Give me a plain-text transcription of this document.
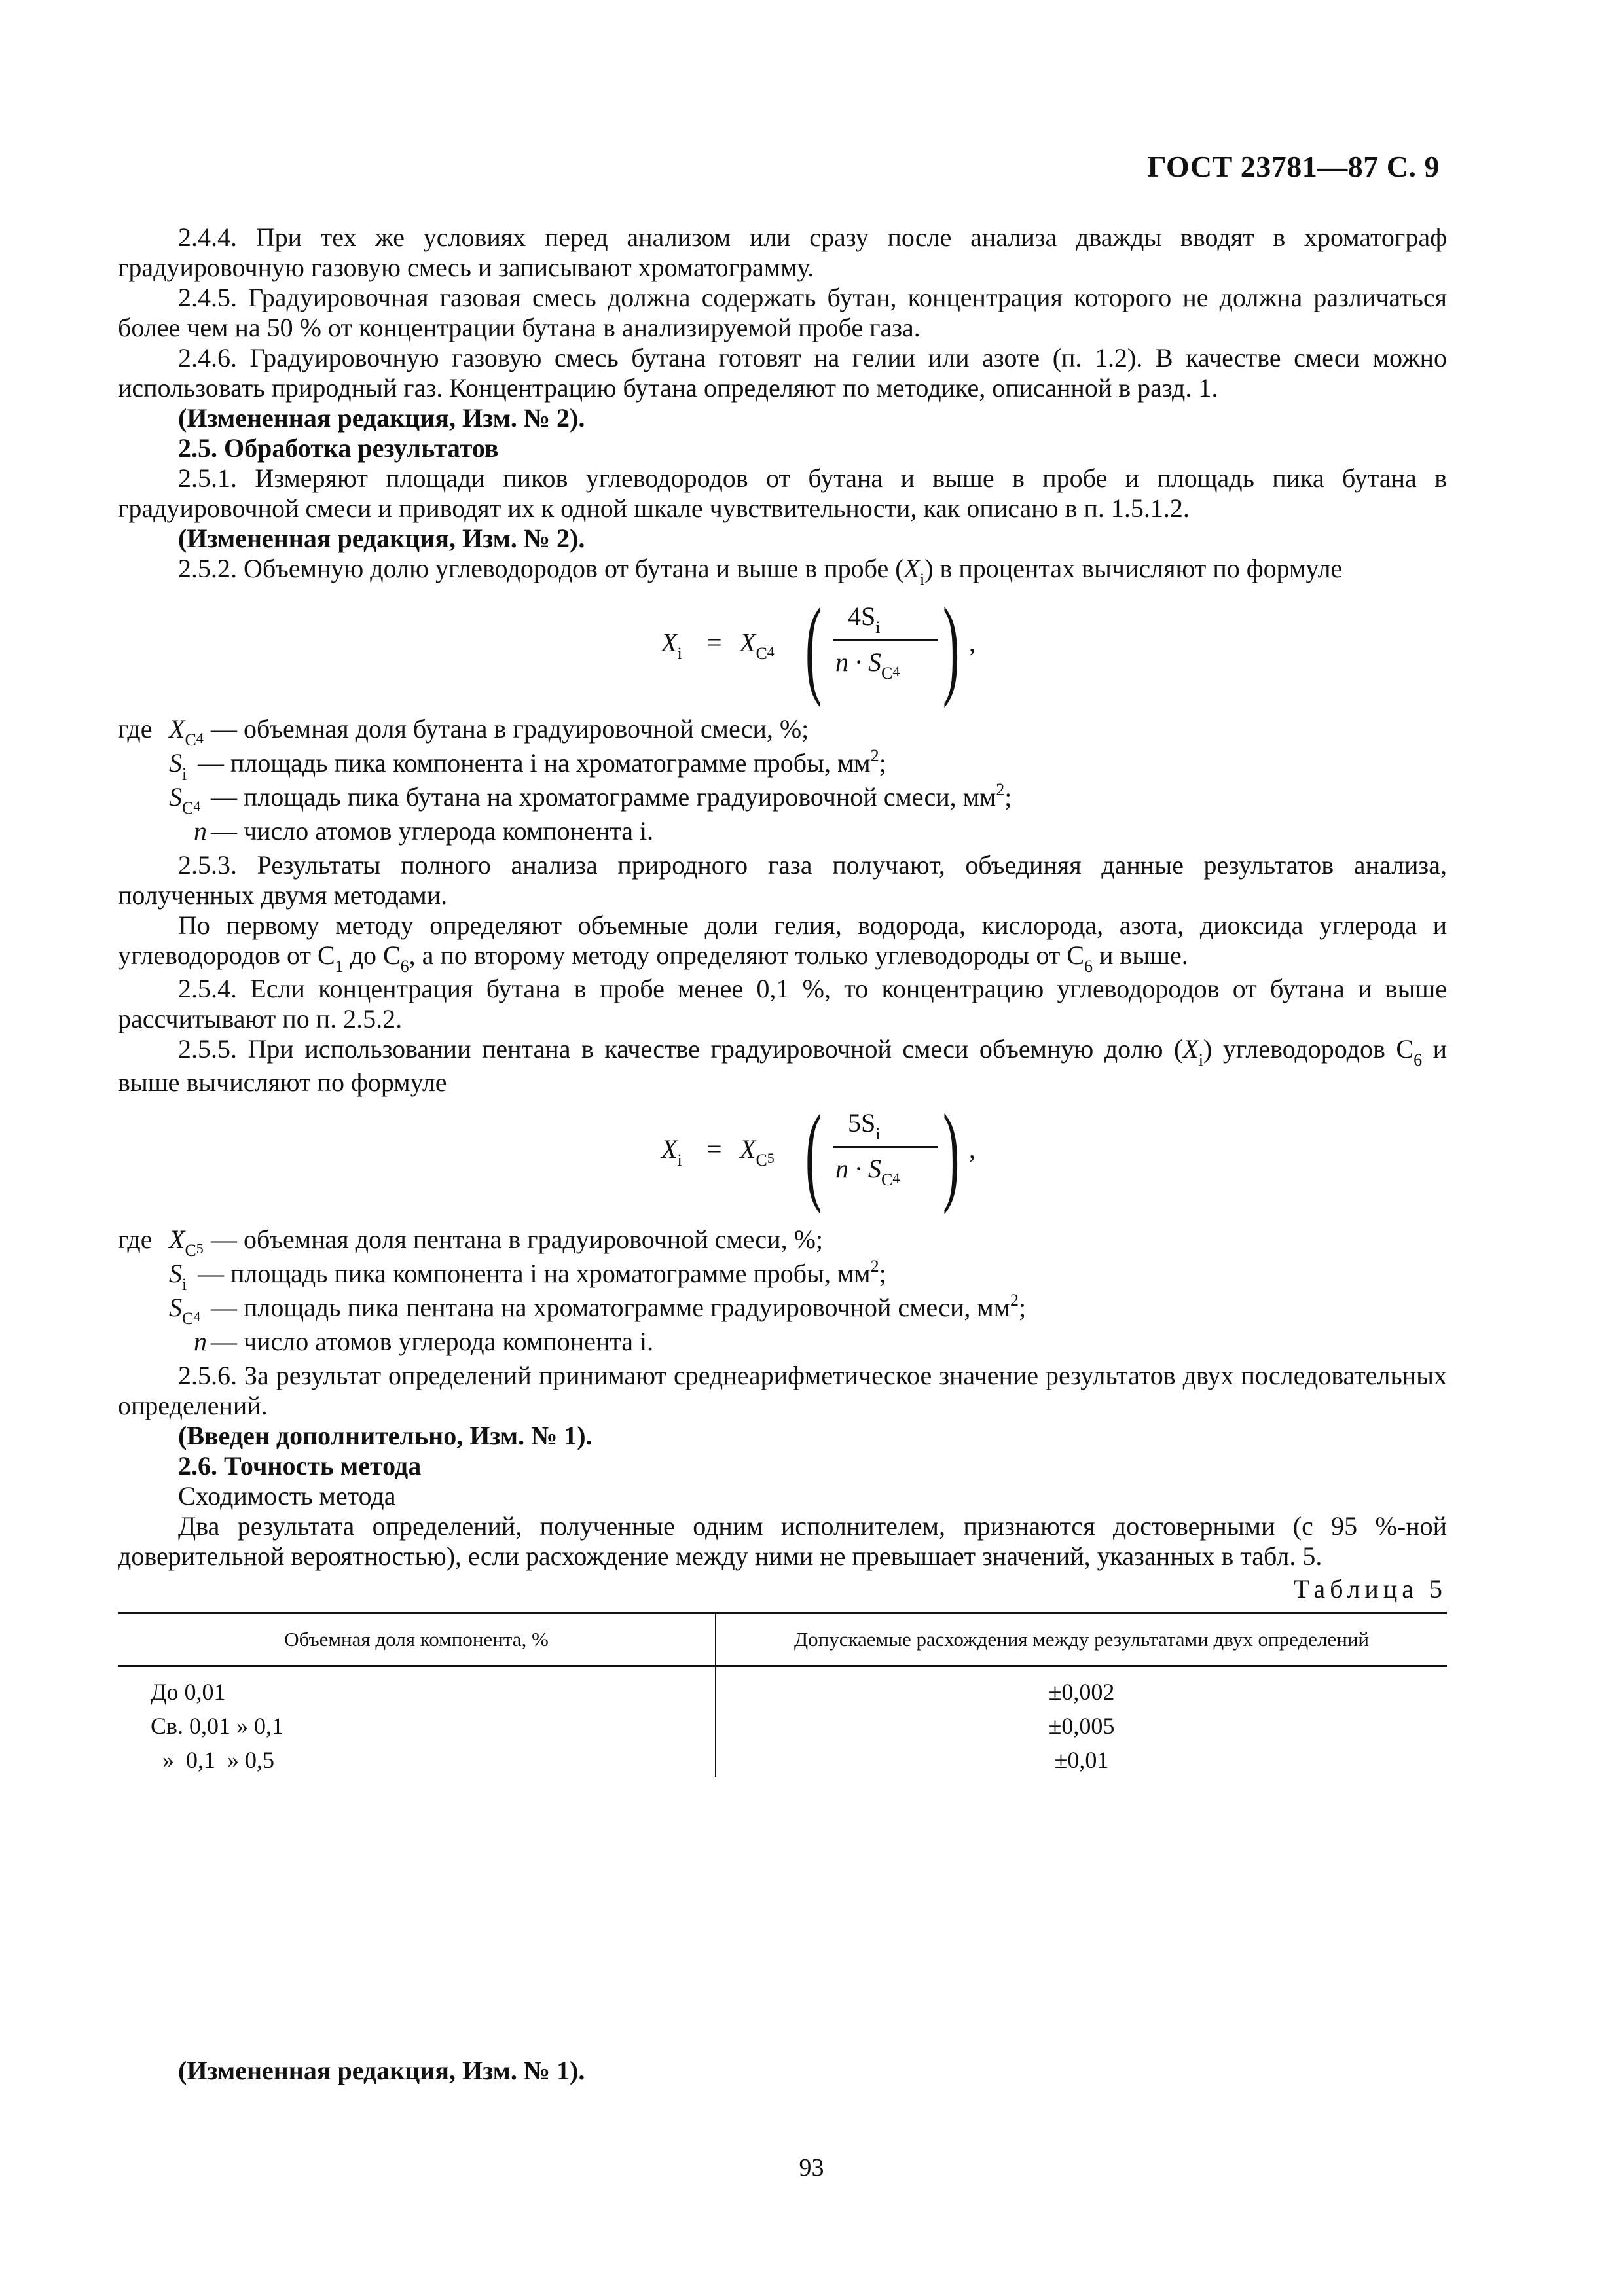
ГОСТ 23781—87 С. 9
2.4.4. При тех же условиях перед анализом или сразу после анализа дважды вводят в хроматограф градуировочную газовую смесь и записывают хроматограмму.
2.4.5. Градуировочная газовая смесь должна содержать бутан, концентрация которого не должна различаться более чем на 50 % от концентрации бутана в анализируемой пробе газа.
2.4.6. Градуировочную газовую смесь бутана готовят на гелии или азоте (п. 1.2). В качестве смеси можно использовать природный газ. Концентрацию бутана определяют по методике, описанной в разд. 1.
(Измененная редакция, Изм. № 2).
2.5. Обработка результатов
2.5.1. Измеряют площади пиков углеводородов от бутана и выше в пробе и площадь пика бутана в градуировочной смеси и приводят их к одной шкале чувствительности, как описано в п. 1.5.1.2.
(Измененная редакция, Изм. № 2).
2.5.2. Объемную долю углеводородов от бутана и выше в пробе $(X_i)$ в процентах вычисляют по формуле
$X_i = X_{C4}$ ( $4S_i$
$n \cdot S_{C4}$ ) ,
где $X_{C4}$ — объемная доля бутана в градуировочной смеси, %;
$S_i$ — площадь пика компонента i на хроматограмме пробы, $мм^2$;
$S_{C4}$ — площадь пика бутана на хроматограмме градуировочной смеси, $мм^2$;
n — число атомов углерода компонента i.
2.5.3. Результаты полного анализа природного газа получают, объединяя данные результатов анализа, полученных двумя методами.
По первому методу определяют объемные доли гелия, водорода, кислорода, азота, диоксида углерода и углеводородов от $C_1$ до $C_6$, а по второму методу определяют только углеводороды от $C_6$ и выше.
2.5.4. Если концентрация бутана в пробе менее 0,1 %, то концентрацию углеводородов от бутана и выше рассчитывают по п. 2.5.2.
2.5.5. При использовании пентана в качестве градуировочной смеси объемную долю $(X_i)$ углеводородов $C_6$ и выше вычисляют по формуле
$X_i = X_{C5}$ ( $5S_i$
$n \cdot S_{C4}$ ) ,
где $X_{C5}$ — объемная доля пентана в градуировочной смеси, %;
$S_i$ — площадь пика компонента i на хроматограмме пробы, $мм^2$;
$S_{C4}$ — площадь пика пентана на хроматограмме градуировочной смеси, $мм^2$;
n — число атомов углерода компонента i.
2.5.6. За результат определений принимают среднеарифметическое значение результатов двух последовательных определений.
(Введен дополнительно, Изм. № 1).
2.6. Точность метода
Сходимость метода
Два результата определений, полученные одним исполнителем, признаются достоверными (с 95 %-ной доверительной вероятностью), если расхождение между ними не превышает значений, указанных в табл. 5.
Таблица 5
Объемная доля компонента, %	Допускаемые расхождения между результатами двух определений
До 0,01	±0,002
Св. 0,01 » 0,1	±0,005
»  0,1  » 0,5	±0,01
(Измененная редакция, Изм. № 1).
93
